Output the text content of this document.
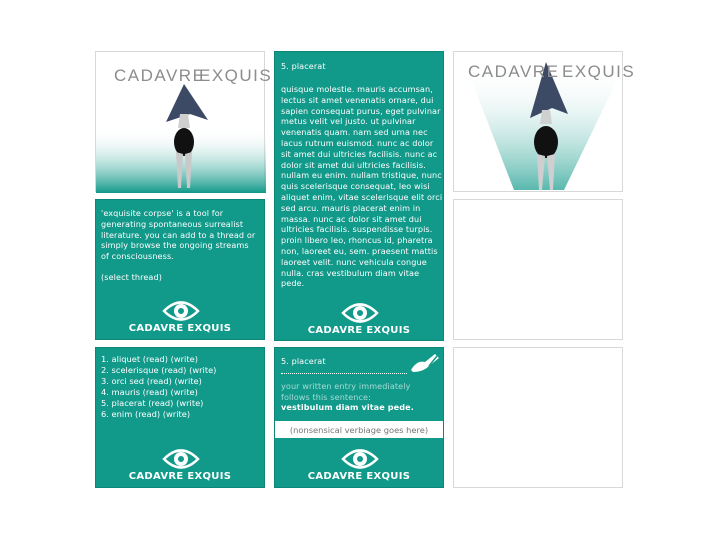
CADAVRE
EXQUIS 5. placerat
quisque molestie. mauris accumsan, lectus sit amet venenatis ornare, dui sapien consequat purus, eget pulvinar metus velit vel justo. ut pulvinar venenatis quam. nam sed urna nec lacus rutrum euismod. nunc ac dolor sit amet dui ultricies facilisis. nunc ac dolor sit amet dui ultricies facilisis. nullam eu enim. nullam tristique, nunc quis scelerisque consequat, leo wisi aliquet enim, vitae scelerisque elit orci sed arcu. mauris placerat enim in massa. nunc ac dolor sit amet dui ultricies facilisis. suspendisse turpis. proin libero leo, rhoncus id, pharetra non, laoreet eu, sem. praesent mattis laoreet velit. nunc vehicula congue nulla. cras vestibulum diam vitae pede.
CADAVRE EXQUIS
CADAVRE EXQUIS
'exquisite corpse' is a tool for generating spontaneous surrealist literature. you can add to a thread or simply browse the ongoing streams of consciousness.
(select thread)
CADAVRE EXQUIS
1. aliquet (read) (write)
2. scelerisque (read) (write)
3. orci sed (read) (write)
4. mauris (read) (write)
5. placerat (read) (write)
6. enim (read) (write)
CADAVRE EXQUIS
5. placerat
your written entry immediately follows this sentence:
vestibulum diam vitae pede.
(nonsensical verbiage goes here)
CADAVRE EXQUIS
